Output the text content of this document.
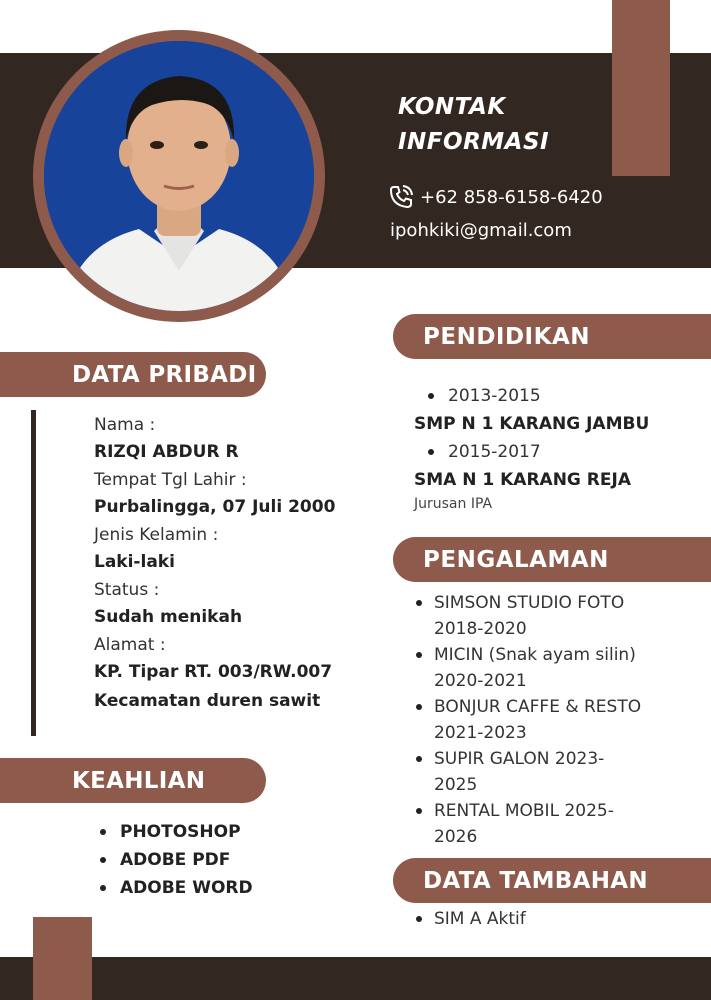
KONTAK
INFORMASI
+62 858-6158-6420
ipohkiki@gmail.com
DATA PRIBADI
Nama :
RIZQI ABDUR R
Tempat Tgl Lahir :
Purbalingga, 07 Juli 2000
Jenis Kelamin :
Laki-laki
Status :
Sudah menikah
Alamat :
KP. Tipar RT. 003/RW.007
Kecamatan duren sawit
KEAHLIAN
PHOTOSHOP
ADOBE PDF
ADOBE WORD
PENDIDIKAN
2013-2015
SMP N 1 KARANG JAMBU
2015-2017
SMA N 1 KARANG REJA
Jurusan IPA
PENGALAMAN
SIMSON STUDIO FOTO
2018-2020
MICIN (Snak ayam silin)
2020-2021
BONJUR CAFFE & RESTO
2021-2023
SUPIR GALON 2023-
2025
RENTAL MOBIL 2025-
2026
DATA TAMBAHAN
SIM A Aktif
